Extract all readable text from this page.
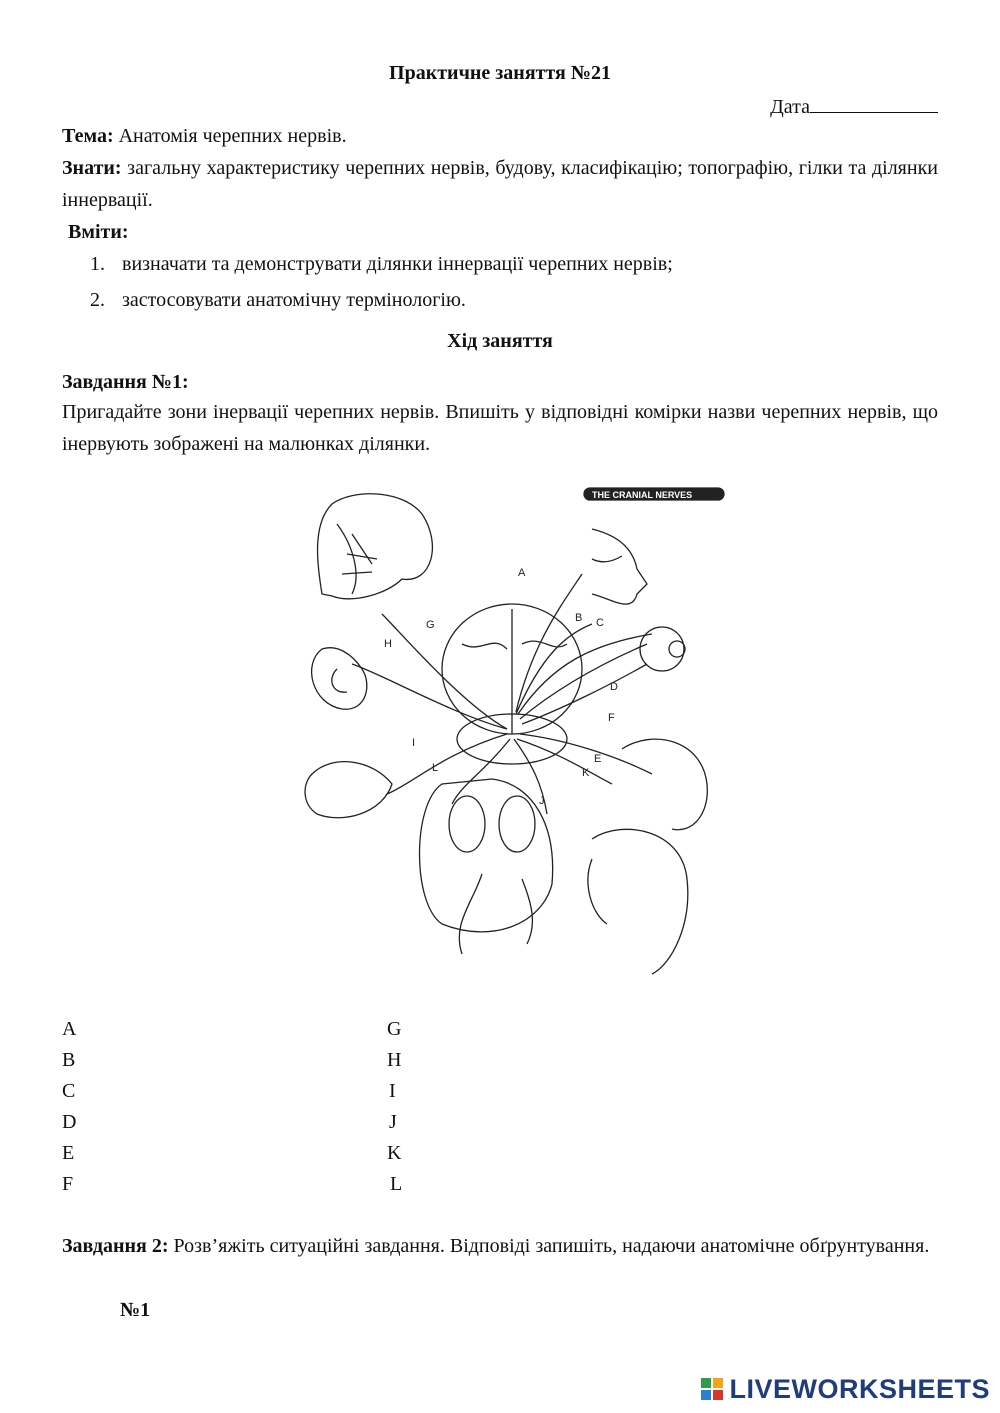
Практичне заняття №21
Дата

Тема: Анатомія черепних нервів.

Знати: загальну характеристику черепних нервів, будову, класифікацію; топографію, гілки та ділянки іннервації.

Вміти:

1. визначати та демонструвати ділянки іннервації черепних нервів;
2. застосовувати анатомічну термінологію.
Хід заняття

Завдання №1:

Пригадайте зони інервації черепних нервів. Впишіть у відповідні комірки назви черепних нервів, що інервують зображені на малюнках ділянки.

THE CRANIAL NERVES
A
B C
D
E
F
G
H
I
L
J
K
A
B
C
D
E
F
G
H
I
J
K
L

Завдання 2: Розв’яжіть ситуаційні завдання. Відповіді запишіть, надаючи анатомічне обґрунтування.

№1

LIVEWORKSHEETS
